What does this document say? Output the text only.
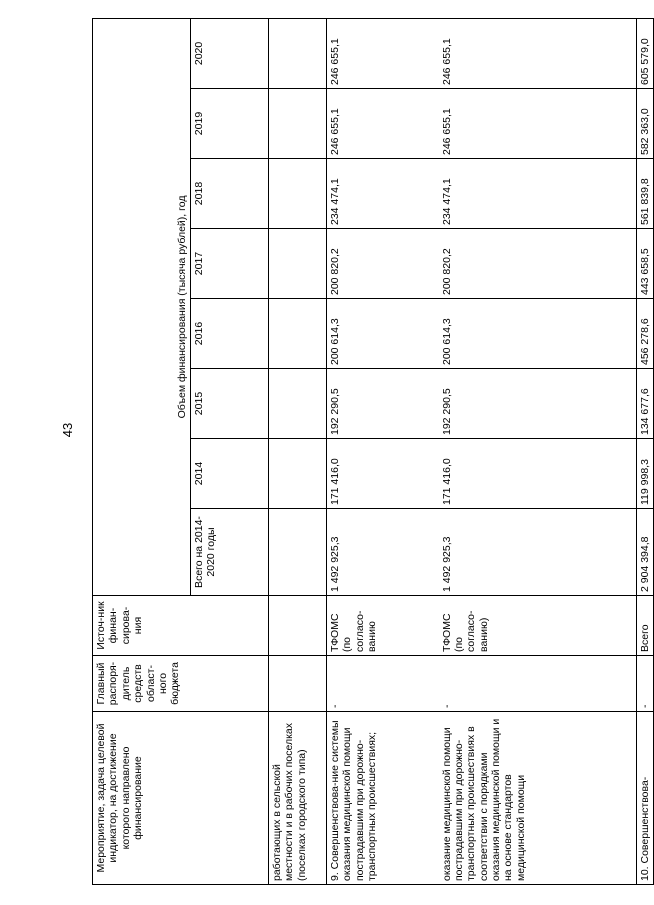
43
Мероприятие, задача целевой индикатор, на достижение которого направлено финансирование	Главный распоря-дитель средств област-ного бюджета	Источ-ник финан-сирова-ния	Объем финансирования (тысяча рублей), год							
			Всего на 2014-2020 годы	2014	2015	2016	2017	2018	2019	2020
работающих в сельской местности и в рабочих поселках (поселках городского типа)										
9. Совершенствова-ние системы оказания медицинской помощи пострадавшим при дорожно-транспортных происшествиях;	-	ТФОМС (по согласо-ванию	1 492 925,3	171 416,0	192 290,5	200 614,3	200 820,2	234 474,1	246 655,1	246 655,1
оказание медицинской помощи пострадавшим при дорожно-транспортных происшествиях в соответствии с порядками оказания медицинской помощи и на основе стандартов медицинской помощи	-	ТФОМС (по согласо-ванию)	1 492 925,3	171 416,0	192 290,5	200 614,3	200 820,2	234 474,1	246 655,1	246 655,1
10. Совершенствова-	-	Всего	2 904 394,8	119 998,3	134 677,6	456 278,6	443 658,5	561 839,8	582 363,0	605 579,0
